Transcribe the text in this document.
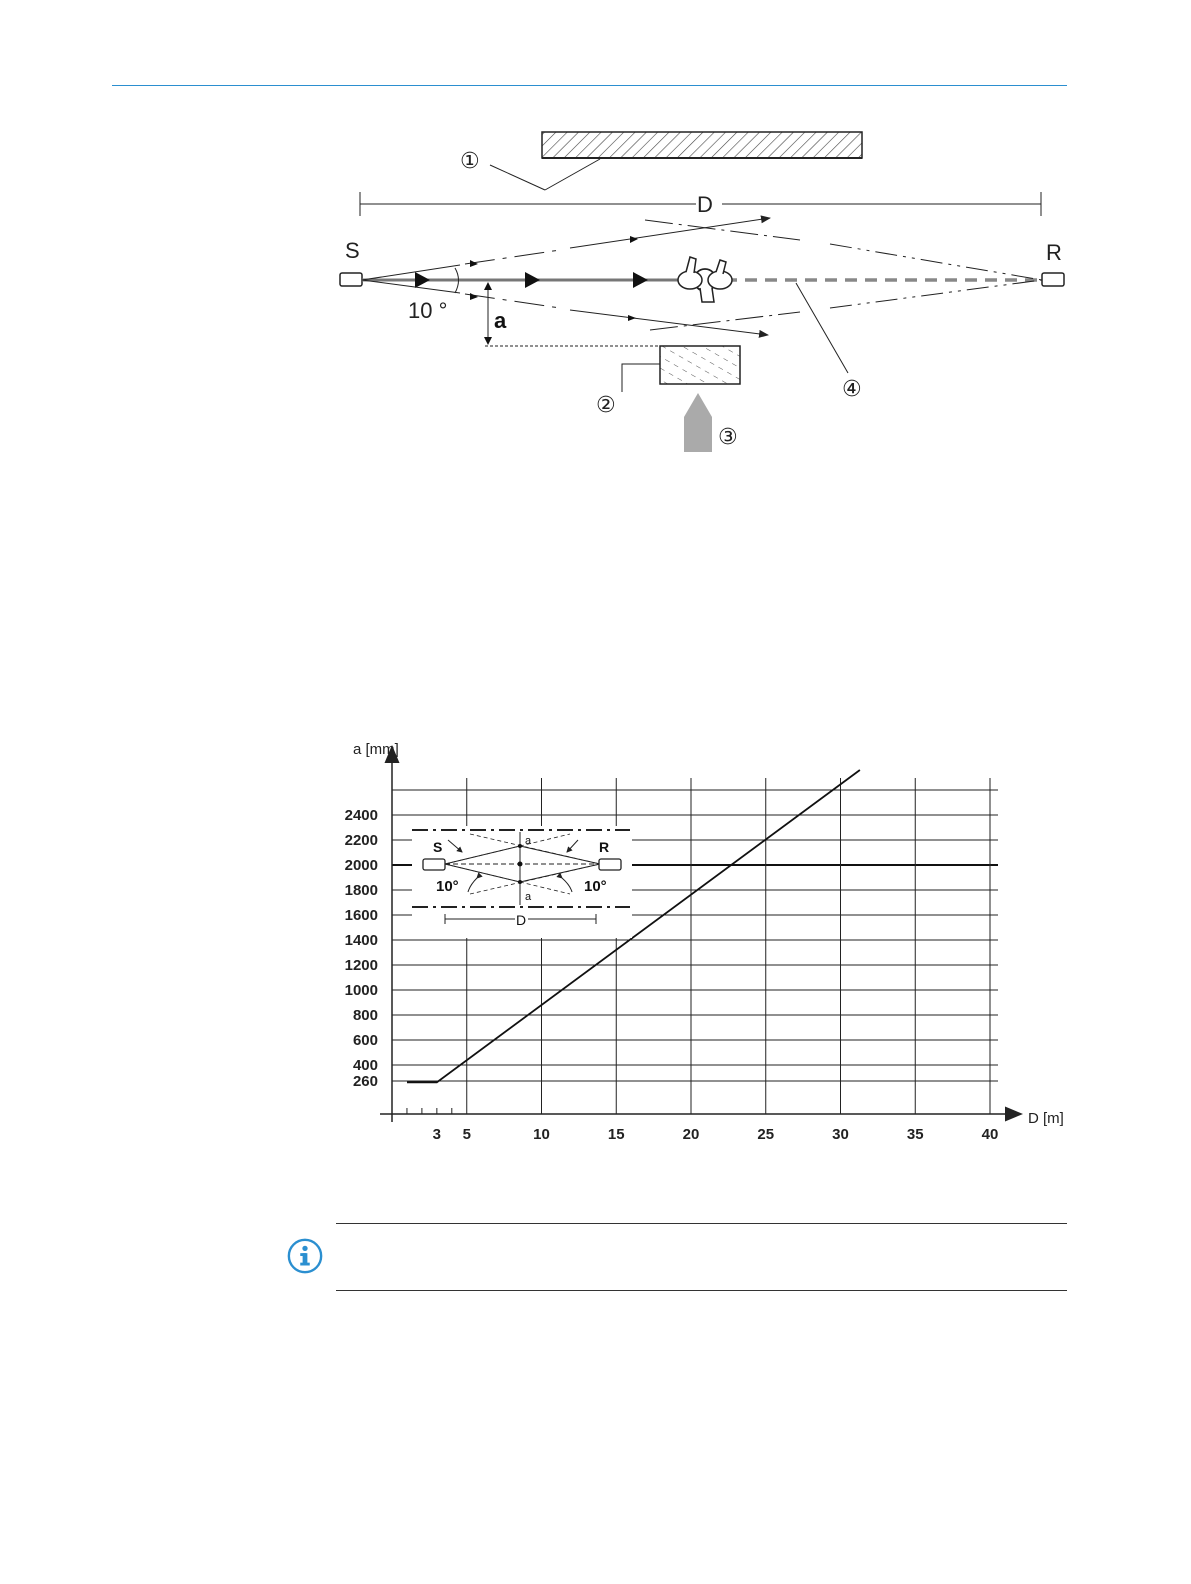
①
D
S	R
10 ° a
②
③
④
3 5	10	15	20	25	30	35	40
260
400
600
800
1000
1200
1400
1600
1800
2000
2200
2400
a [mm]
D [m]
S	R
10°	10°
a
a
D
